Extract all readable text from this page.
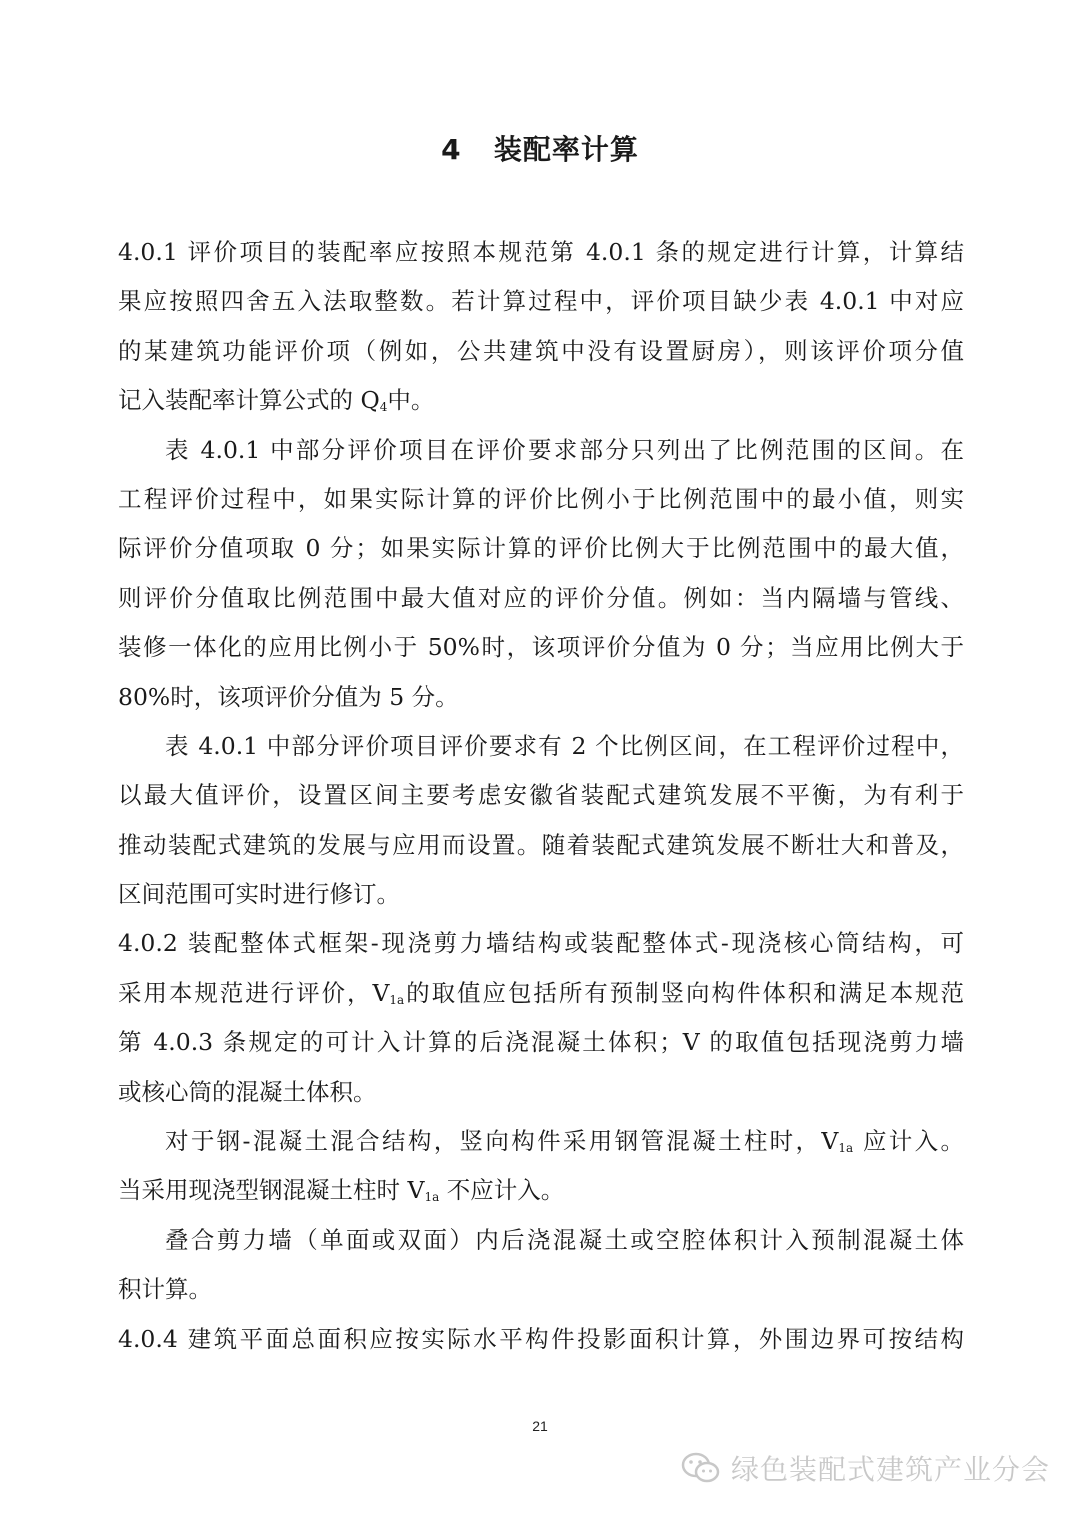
4 装配率计算
4.0.1 评价项目的装配率应按照本规范第 4.0.1 条的规定进行计算，计算结
果应按照四舍五入法取整数。若计算过程中，评价项目缺少表 4.0.1 中对应
的某建筑功能评价项（例如，公共建筑中没有设置厨房），则该评价项分值
记入装配率计算公式的 $Q_4$中。
表 4.0.1 中部分评价项目在评价要求部分只列出了比例范围的区间。在
工程评价过程中，如果实际计算的评价比例小于比例范围中的最小值，则实
际评价分值项取 0 分；如果实际计算的评价比例大于比例范围中的最大值，
则评价分值取比例范围中最大值对应的评价分值。例如：当内隔墙与管线、
装修一体化的应用比例小于 50%时，该项评价分值为 0 分；当应用比例大于
80%时，该项评价分值为 5 分。
表 4.0.1 中部分评价项目评价要求有 2 个比例区间，在工程评价过程中，
以最大值评价，设置区间主要考虑安徽省装配式建筑发展不平衡，为有利于
推动装配式建筑的发展与应用而设置。随着装配式建筑发展不断壮大和普及，
区间范围可实时进行修订。
4.0.2 装配整体式框架-现浇剪力墙结构或装配整体式-现浇核心筒结构，可
采用本规范进行评价，$V_{1a}$的取值应包括所有预制竖向构件体积和满足本规范
第 4.0.3 条规定的可计入计算的后浇混凝土体积；V 的取值包括现浇剪力墙
或核心筒的混凝土体积。
对于钢-混凝土混合结构，竖向构件采用钢管混凝土柱时，$V_{1a}$ 应计入。
当采用现浇型钢混凝土柱时 $V_{1a}$ 不应计入。
叠合剪力墙（单面或双面）内后浇混凝土或空腔体积计入预制混凝土体
积计算。
4.0.4 建筑平面总面积应按实际水平构件投影面积计算，外围边界可按结构
21
绿色装配式建筑产业分会
